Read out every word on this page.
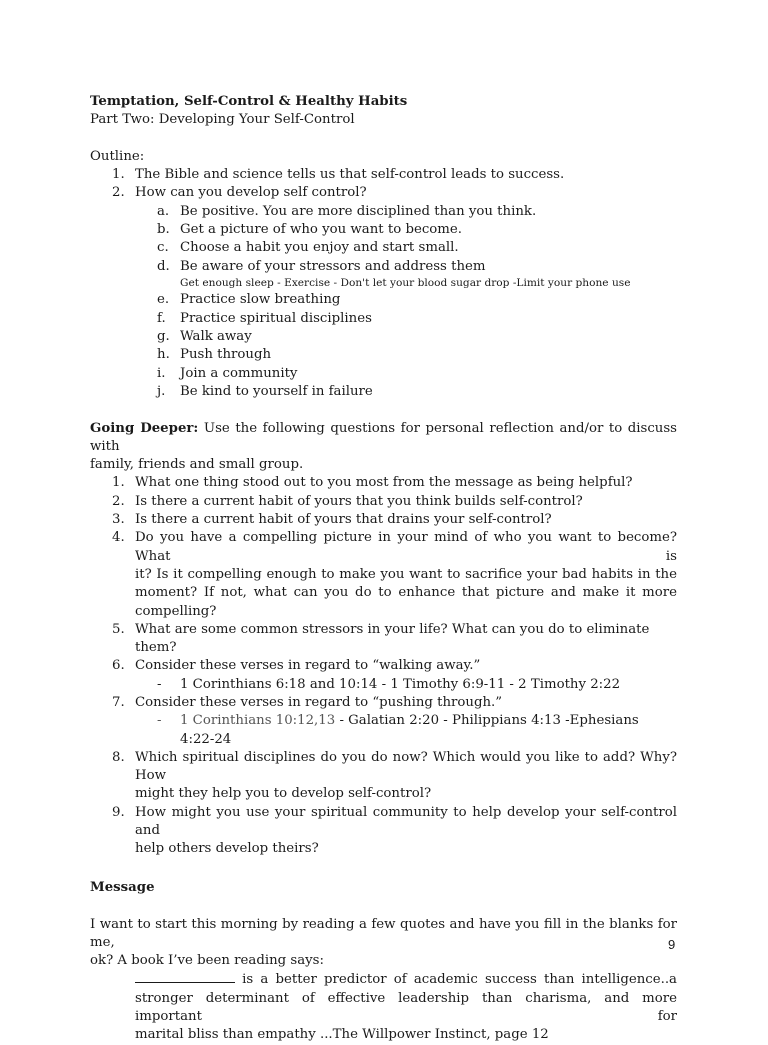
Temptation, Self-Control & Healthy Habits
Part Two: Developing Your Self-Control
Outline:
1. The Bible and science tells us that self-control leads to success.
2. How can you develop self control?
a. Be positive. You are more disciplined than you think.
b. Get a picture of who you want to become.
c. Choose a habit you enjoy and start small.
d. Be aware of your stressors and address them
Get enough sleep - Exercise - Don't let your blood sugar drop -Limit your phone use
e. Practice slow breathing
f. Practice spiritual disciplines
g. Walk away
h. Push through
i. Join a community
j. Be kind to yourself in failure
Going Deeper: Use the following questions for personal reflection and/or to discuss with
family, friends and small group.
1. What one thing stood out to you most from the message as being helpful?
2. Is there a current habit of yours that you think builds self-control?
3. Is there a current habit of yours that drains your self-control?
4. Do you have a compelling picture in your mind of who you want to become? What is
it? Is it compelling enough to make you want to sacrifice your bad habits in the
moment? If not, what can you do to enhance that picture and make it more
compelling?
5. What are some common stressors in your life? What can you do to eliminate them?
6. Consider these verses in regard to “walking away.”
- 1 Corinthians 6:18 and 10:14 - 1 Timothy 6:9-11 - 2 Timothy 2:22
7. Consider these verses in regard to “pushing through.”
- 1 Corinthians 10:12,13 - Galatian 2:20 - Philippians 4:13 -Ephesians 4:22-24
8. Which spiritual disciplines do you do now? Which would you like to add? Why? How
might they help you to develop self-control?
9. How might you use your spiritual community to help develop your self-control and
help others develop theirs?
Message
I want to start this morning by reading a few quotes and have you fill in the blanks for me,
ok? A book I’ve been reading says:
is a better predictor of academic success than intelligence..a
stronger determinant of effective leadership than charisma, and more important for
marital bliss than empathy ...The Willpower Instinct, page 12
9
